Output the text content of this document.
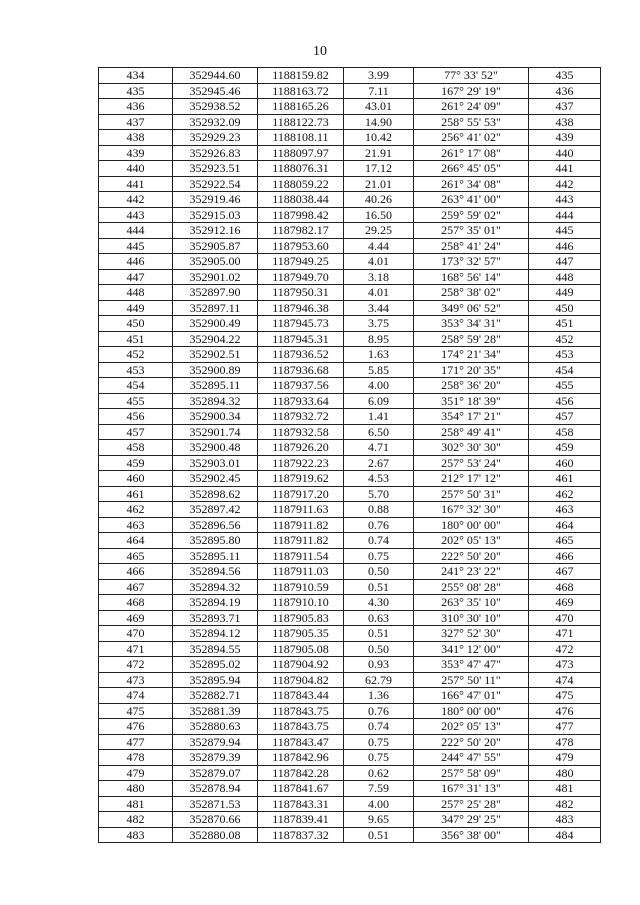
10
434	352944.60	1188159.82	3.99	77° 33' 52"	435
435	352945.46	1188163.72	7.11	167° 29' 19"	436
436	352938.52	1188165.26	43.01	261° 24' 09"	437
437	352932.09	1188122.73	14.90	258° 55' 53"	438
438	352929.23	1188108.11	10.42	256° 41' 02"	439
439	352926.83	1188097.97	21.91	261° 17' 08"	440
440	352923.51	1188076.31	17.12	266° 45' 05"	441
441	352922.54	1188059.22	21.01	261° 34' 08"	442
442	352919.46	1188038.44	40.26	263° 41' 00"	443
443	352915.03	1187998.42	16.50	259° 59' 02"	444
444	352912.16	1187982.17	29.25	257° 35' 01"	445
445	352905.87	1187953.60	4.44	258° 41' 24"	446
446	352905.00	1187949.25	4.01	173° 32' 57"	447
447	352901.02	1187949.70	3.18	168° 56' 14"	448
448	352897.90	1187950.31	4.01	258° 38' 02"	449
449	352897.11	1187946.38	3.44	349° 06' 52"	450
450	352900.49	1187945.73	3.75	353° 34' 31"	451
451	352904.22	1187945.31	8.95	258° 59' 28"	452
452	352902.51	1187936.52	1.63	174° 21' 34"	453
453	352900.89	1187936.68	5.85	171° 20' 35"	454
454	352895.11	1187937.56	4.00	258° 36' 20"	455
455	352894.32	1187933.64	6.09	351° 18' 39"	456
456	352900.34	1187932.72	1.41	354° 17' 21"	457
457	352901.74	1187932.58	6.50	258° 49' 41"	458
458	352900.48	1187926.20	4.71	302° 30' 30"	459
459	352903.01	1187922.23	2.67	257° 53' 24"	460
460	352902.45	1187919.62	4.53	212° 17' 12"	461
461	352898.62	1187917.20	5.70	257° 50' 31"	462
462	352897.42	1187911.63	0.88	167° 32' 30"	463
463	352896.56	1187911.82	0.76	180° 00' 00"	464
464	352895.80	1187911.82	0.74	202° 05' 13"	465
465	352895.11	1187911.54	0.75	222° 50' 20"	466
466	352894.56	1187911.03	0.50	241° 23' 22"	467
467	352894.32	1187910.59	0.51	255° 08' 28"	468
468	352894.19	1187910.10	4.30	263° 35' 10"	469
469	352893.71	1187905.83	0.63	310° 30' 10"	470
470	352894.12	1187905.35	0.51	327° 52' 30"	471
471	352894.55	1187905.08	0.50	341° 12' 00"	472
472	352895.02	1187904.92	0.93	353° 47' 47"	473
473	352895.94	1187904.82	62.79	257° 50' 11"	474
474	352882.71	1187843.44	1.36	166° 47' 01"	475
475	352881.39	1187843.75	0.76	180° 00' 00"	476
476	352880.63	1187843.75	0.74	202° 05' 13"	477
477	352879.94	1187843.47	0.75	222° 50' 20"	478
478	352879.39	1187842.96	0.75	244° 47' 55"	479
479	352879.07	1187842.28	0.62	257° 58' 09"	480
480	352878.94	1187841.67	7.59	167° 31' 13"	481
481	352871.53	1187843.31	4.00	257° 25' 28"	482
482	352870.66	1187839.41	9.65	347° 29' 25"	483
483	352880.08	1187837.32	0.51	356° 38' 00"	484
